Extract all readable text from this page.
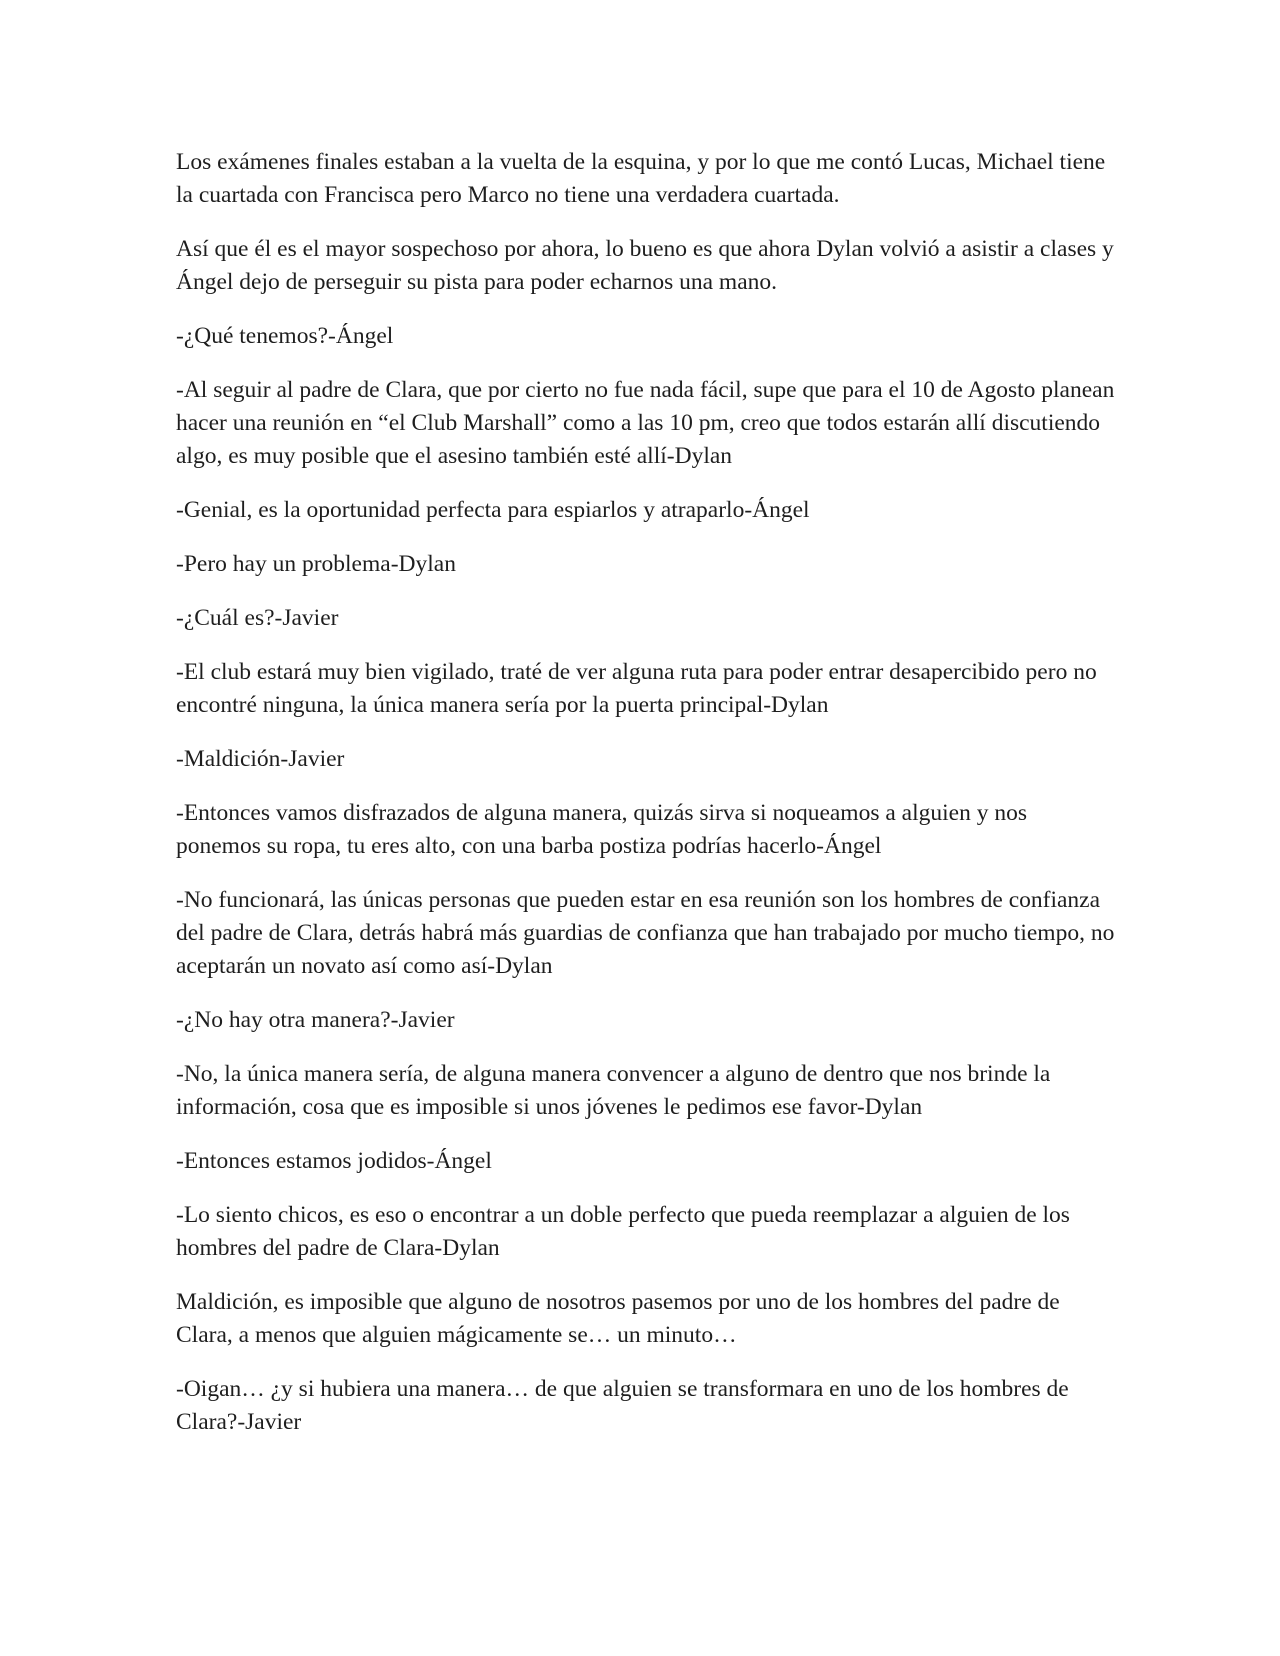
Los exámenes finales estaban a la vuelta de la esquina, y por lo que me contó Lucas, Michael tiene la cuartada con Francisca pero Marco no tiene una verdadera cuartada.

Así que él es el mayor sospechoso por ahora, lo bueno es que ahora Dylan volvió a asistir a clases y Ángel dejo de perseguir su pista para poder echarnos una mano.

-¿Qué tenemos?-Ángel

-Al seguir al padre de Clara, que por cierto no fue nada fácil, supe que para el 10 de Agosto planean hacer una reunión en “el Club Marshall” como a las 10 pm, creo que todos estarán allí discutiendo algo, es muy posible que el asesino también esté allí-Dylan

-Genial, es la oportunidad perfecta para espiarlos y atraparlo-Ángel

-Pero hay un problema-Dylan

-¿Cuál es?-Javier

-El club estará muy bien vigilado, traté de ver alguna ruta para poder entrar desapercibido pero no encontré ninguna, la única manera sería por la puerta principal-Dylan

-Maldición-Javier

-Entonces vamos disfrazados de alguna manera, quizás sirva si noqueamos a alguien y nos ponemos su ropa, tu eres alto, con una barba postiza podrías hacerlo-Ángel

-No funcionará, las únicas personas que pueden estar en esa reunión son los hombres de confianza del padre de Clara, detrás habrá más guardias de confianza que han trabajado por mucho tiempo, no aceptarán un novato así como así-Dylan

-¿No hay otra manera?-Javier

-No, la única manera sería, de alguna manera convencer a alguno de dentro que nos brinde la información, cosa que es imposible si unos jóvenes le pedimos ese favor-Dylan

-Entonces estamos jodidos-Ángel

-Lo siento chicos, es eso o encontrar a un doble perfecto que pueda reemplazar a alguien de los hombres del padre de Clara-Dylan

Maldición, es imposible que alguno de nosotros pasemos por uno de los hombres del padre de Clara, a menos que alguien mágicamente se… un minuto…

-Oigan… ¿y si hubiera una manera… de que alguien se transformara en uno de los hombres de Clara?-Javier
